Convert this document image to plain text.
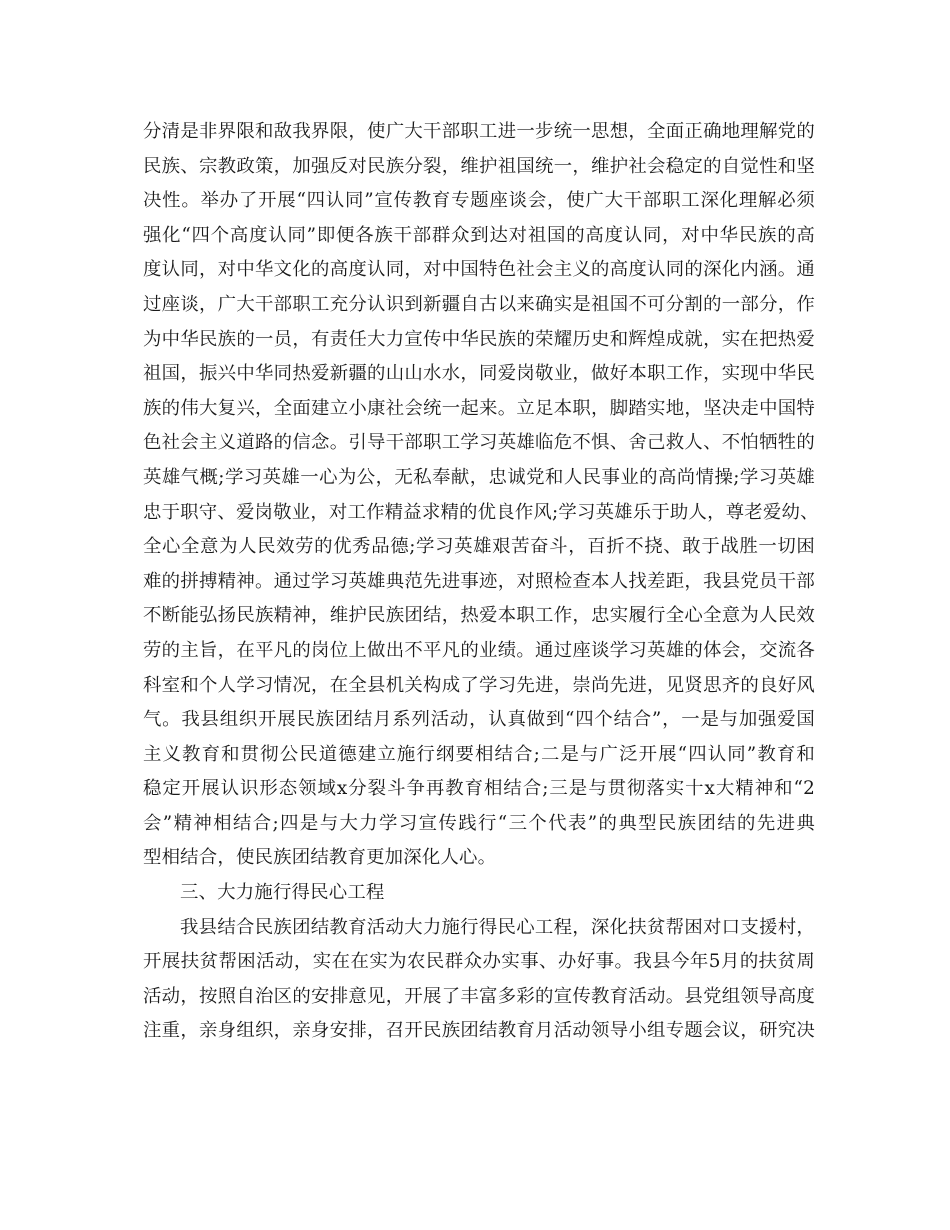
分清是非界限和敌我界限，使广大干部职工进一步统一思想，全面正确地理解党的
民族、宗教政策，加强反对民族分裂，维护祖国统一，维护社会稳定的自觉性和坚
决性。举办了开展“四认同”宣传教育专题座谈会，使广大干部职工深化理解必须
强化“四个高度认同”即便各族干部群众到达对祖国的高度认同，对中华民族的高
度认同，对中华文化的高度认同，对中国特色社会主义的高度认同的深化内涵。通
过座谈，广大干部职工充分认识到新疆自古以来确实是祖国不可分割的一部分，作
为中华民族的一员，有责任大力宣传中华民族的荣耀历史和辉煌成就，实在把热爱
祖国，振兴中华同热爱新疆的山山水水，同爱岗敬业，做好本职工作，实现中华民
族的伟大复兴，全面建立小康社会统一起来。立足本职，脚踏实地，坚决走中国特
色社会主义道路的信念。引导干部职工学习英雄临危不惧、舍己救人、不怕牺牲的
英雄气概;学习英雄一心为公，无私奉献，忠诚党和人民事业的高尚情操;学习英雄
忠于职守、爱岗敬业，对工作精益求精的优良作风;学习英雄乐于助人，尊老爱幼、
全心全意为人民效劳的优秀品德;学习英雄艰苦奋斗，百折不挠、敢于战胜一切困
难的拼搏精神。通过学习英雄典范先进事迹，对照检查本人找差距，我县党员干部
不断能弘扬民族精神，维护民族团结，热爱本职工作，忠实履行全心全意为人民效
劳的主旨，在平凡的岗位上做出不平凡的业绩。通过座谈学习英雄的体会，交流各
科室和个人学习情况，在全县机关构成了学习先进，崇尚先进，见贤思齐的良好风
气。我县组织开展民族团结月系列活动，认真做到“四个结合”，一是与加强爱国
主义教育和贯彻公民道德建立施行纲要相结合;二是与广泛开展“四认同”教育和
稳定开展认识形态领域x分裂斗争再教育相结合;三是与贯彻落实十x大精神和“2
会”精神相结合;四是与大力学习宣传践行“三个代表”的典型民族团结的先进典
型相结合，使民族团结教育更加深化人心。
三、大力施行得民心工程
我县结合民族团结教育活动大力施行得民心工程，深化扶贫帮困对口支援村，
开展扶贫帮困活动，实在在实为农民群众办实事、办好事。我县今年5月的扶贫周
活动，按照自治区的安排意见，开展了丰富多彩的宣传教育活动。县党组领导高度
注重，亲身组织，亲身安排，召开民族团结教育月活动领导小组专题会议，研究决
